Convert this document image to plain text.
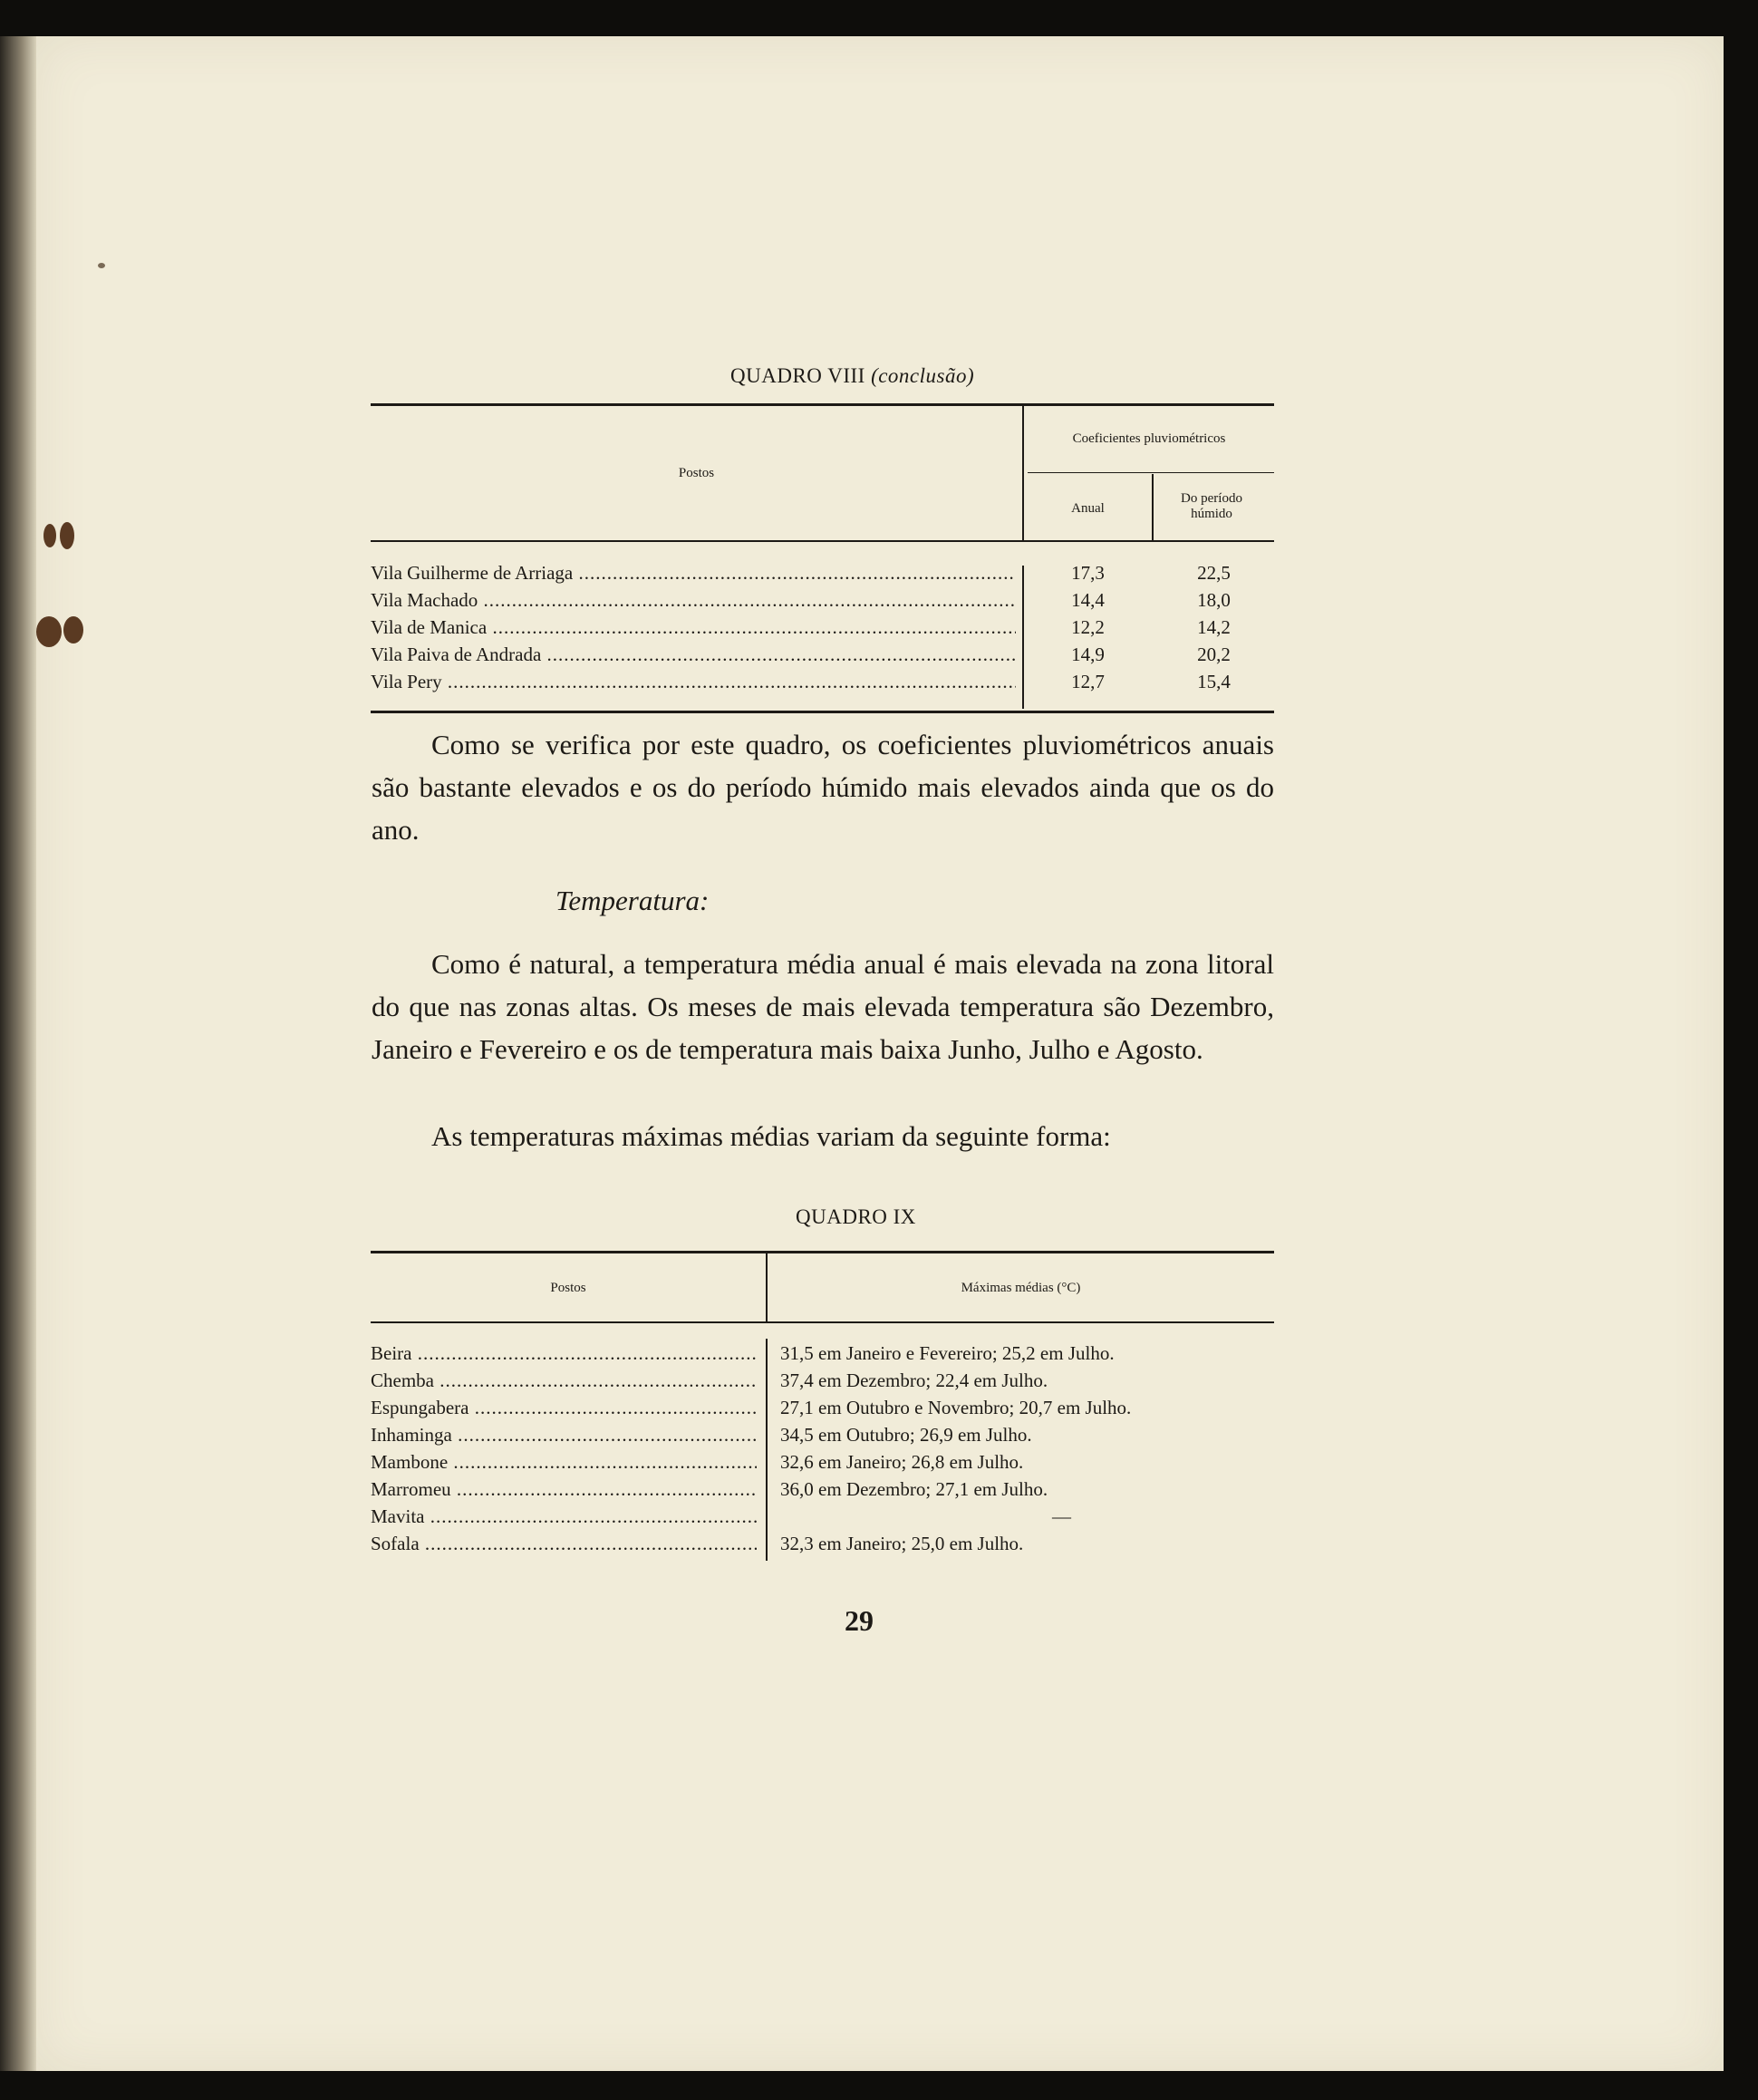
QUADRO VIII (conclusão)
Postos
Coeficientes pluviométricos
Anual
Do período húmido
Vila Guilherme de Arriaga .....	17,3	22,5
Vila Machado .....	14,4	18,0
Vila de Manica .....	12,2	14,2
Vila Paiva de Andrada .....	14,9	20,2
Vila Pery .....	12,7	15,4

Como se verifica por este quadro, os coeficientes pluviométricos anuais são bastante elevados e os do período húmido mais elevados ainda que os do ano.

Temperatura:

Como é natural, a temperatura média anual é mais elevada na zona litoral do que nas zonas altas. Os meses de mais elevada temperatura são Dezembro, Janeiro e Fevereiro e os de temperatura mais baixa Junho, Julho e Agosto.

As temperaturas máximas médias variam da seguinte forma:

QUADRO IX
Postos	Máximas médias (°C)
Beira .....	31,5 em Janeiro e Fevereiro; 25,2 em Julho.
Chemba .....	37,4 em Dezembro; 22,4 em Julho.
Espungabera .....	27,1 em Outubro e Novembro; 20,7 em Julho.
Inhaminga .....	34,5 em Outubro; 26,9 em Julho.
Mambone .....	32,6 em Janeiro; 26,8 em Julho.
Marromeu .....	36,0 em Dezembro; 27,1 em Julho.
Mavita .....	—
Sofala .....	32,3 em Janeiro; 25,0 em Julho.
29
